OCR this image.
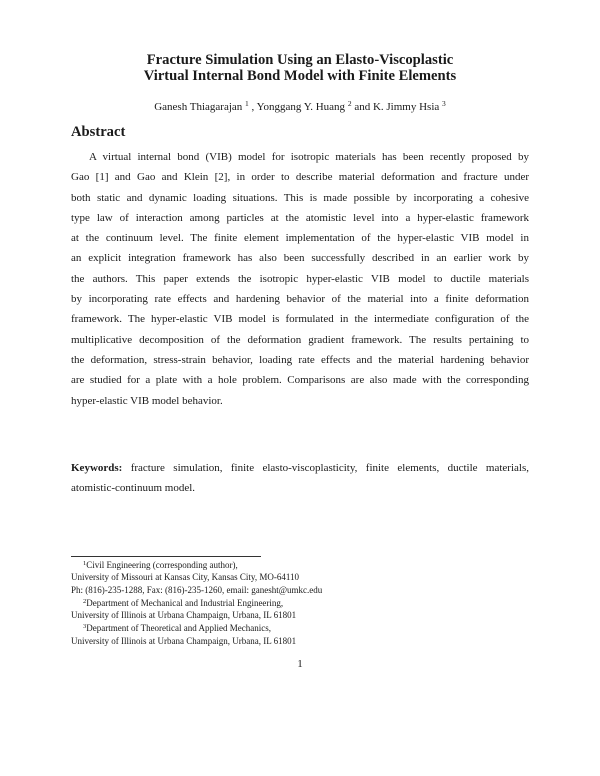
Fracture Simulation Using an Elasto-Viscoplastic
Virtual Internal Bond Model with Finite Elements
Ganesh Thiagarajan $^1$ , Yonggang Y. Huang $^2$ and K. Jimmy Hsia $^3$
Abstract
A virtual internal bond (VIB) model for isotropic materials has been recently proposed by
Gao [1] and Gao and Klein [2], in order to describe material deformation and fracture under
both static and dynamic loading situations. This is made possible by incorporating a cohesive
type law of interaction among particles at the atomistic level into a hyper-elastic framework
at the continuum level. The finite element implementation of the hyper-elastic VIB model in
an explicit integration framework has also been successfully described in an earlier work by
the authors. This paper extends the isotropic hyper-elastic VIB model to ductile materials
by incorporating rate effects and hardening behavior of the material into a finite deformation
framework. The hyper-elastic VIB model is formulated in the intermediate configuration of the
multiplicative decomposition of the deformation gradient framework. The results pertaining to
the deformation, stress-strain behavior, loading rate effects and the material hardening behavior
are studied for a plate with a hole problem. Comparisons are also made with the corresponding
hyper-elastic VIB model behavior.
Keywords: fracture simulation, finite elasto-viscoplasticity, finite elements, ductile materials,
atomistic-continuum model.
$^1$Civil Engineering (corresponding author),
University of Missouri at Kansas City, Kansas City, MO-64110
Ph: (816)-235-1288, Fax: (816)-235-1260, email: ganesht@umkc.edu
$^2$Department of Mechanical and Industrial Engineering,
University of Illinois at Urbana Champaign, Urbana, IL 61801
$^3$Department of Theoretical and Applied Mechanics,
University of Illinois at Urbana Champaign, Urbana, IL 61801
1
